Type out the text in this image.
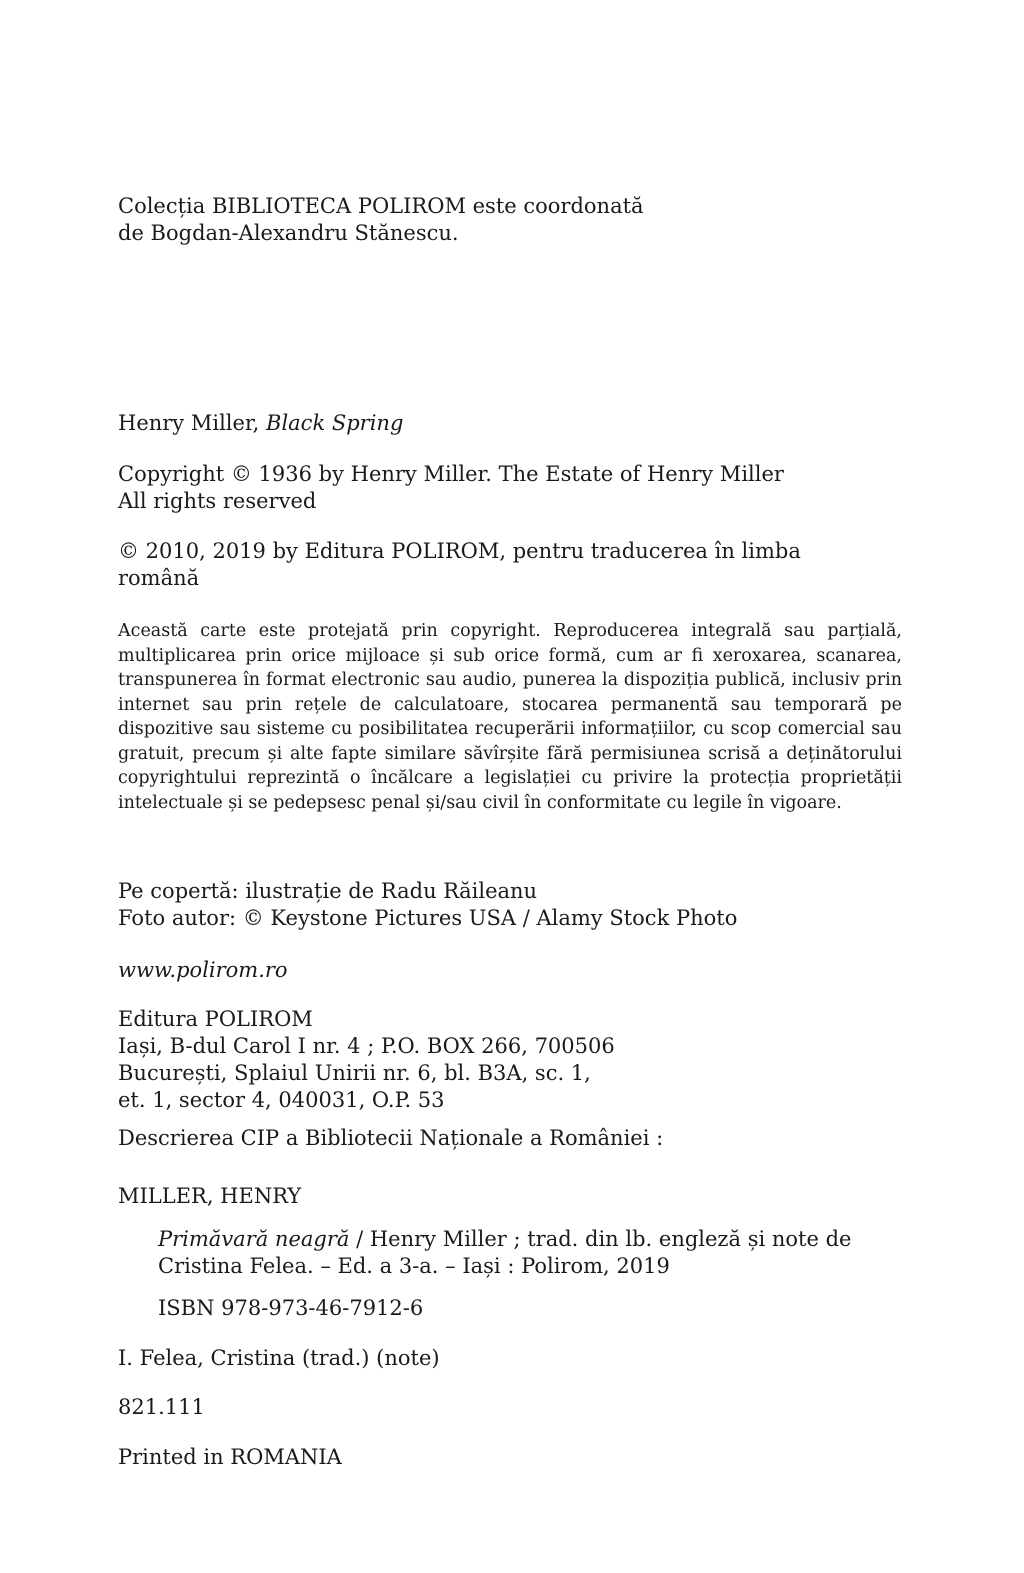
Colecția BIBLIOTECA POLIROM este coordonată
de Bogdan-Alexandru Stănescu.
Henry Miller, Black Spring
Copyright © 1936 by Henry Miller. The Estate of Henry Miller
All rights reserved
© 2010, 2019 by Editura POLIROM, pentru traducerea în limba
română
Această carte este protejată prin copyright. Reproducerea integrală sau parțială, multiplicarea prin orice mijloace și sub orice formă, cum ar fi xeroxarea, scanarea, transpunerea în format electronic sau audio, punerea la dispoziția publică, inclusiv prin internet sau prin rețele de calculatoare, stocarea permanentă sau temporară pe dispozitive sau sisteme cu posibilitatea recuperării informațiilor, cu scop comercial sau gratuit, precum și alte fapte similare săvîrșite fără permisiunea scrisă a deținătorului copyrightului reprezintă o încălcare a legislației cu privire la protecția proprietății intelectuale și se pedepsesc penal și/sau civil în conformitate cu legile în vigoare.
Pe copertă: ilustrație de Radu Răileanu
Foto autor: © Keystone Pictures USA / Alamy Stock Photo
www.polirom.ro
Editura POLIROM
Iași, B-dul Carol I nr. 4 ; P.O. BOX 266, 700506
București, Splaiul Unirii nr. 6, bl. B3A, sc. 1,
et. 1, sector 4, 040031, O.P. 53
Descrierea CIP a Bibliotecii Naționale a României :
MILLER, HENRY
Primăvară neagră / Henry Miller ; trad. din lb. engleză și note de
Cristina Felea. – Ed. a 3-a. – Iași : Polirom, 2019
ISBN 978-973-46-7912-6
I. Felea, Cristina (trad.) (note)
821.111
Printed in ROMANIA
